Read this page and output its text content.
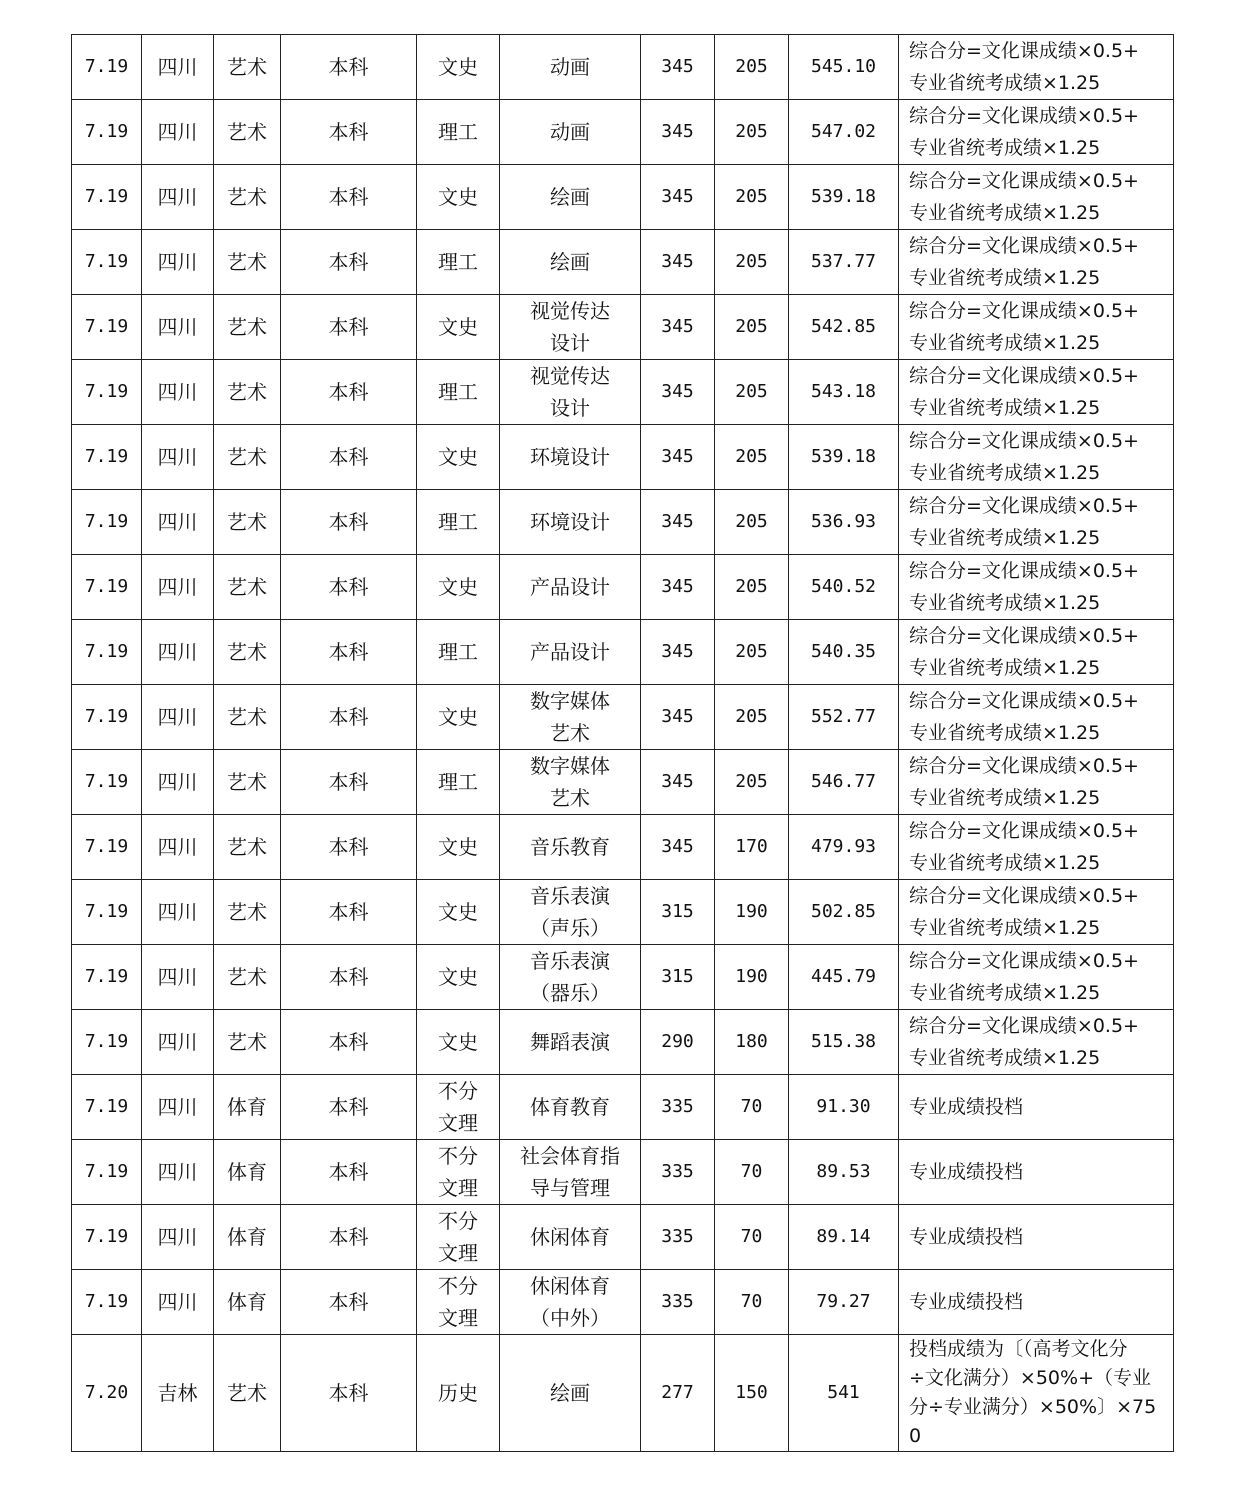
7.19	四川	艺术	本科	文史	动画	345	205	545.10	综合分=文化课成绩×0.5+
专业省统考成绩×1.25

7.19	四川	艺术	本科	理工	动画	345	205	547.02	综合分=文化课成绩×0.5+
专业省统考成绩×1.25

7.19	四川	艺术	本科	文史	绘画	345	205	539.18	综合分=文化课成绩×0.5+
专业省统考成绩×1.25

7.19	四川	艺术	本科	理工	绘画	345	205	537.77	综合分=文化课成绩×0.5+
专业省统考成绩×1.25

7.19	四川	艺术	本科	文史	视觉传达
设计	345	205	542.85	综合分=文化课成绩×0.5+
专业省统考成绩×1.25

7.19	四川	艺术	本科	理工	视觉传达
设计	345	205	543.18	综合分=文化课成绩×0.5+
专业省统考成绩×1.25

7.19	四川	艺术	本科	文史	环境设计	345	205	539.18	综合分=文化课成绩×0.5+
专业省统考成绩×1.25

7.19	四川	艺术	本科	理工	环境设计	345	205	536.93	综合分=文化课成绩×0.5+
专业省统考成绩×1.25

7.19	四川	艺术	本科	文史	产品设计	345	205	540.52	综合分=文化课成绩×0.5+
专业省统考成绩×1.25

7.19	四川	艺术	本科	理工	产品设计	345	205	540.35	综合分=文化课成绩×0.5+
专业省统考成绩×1.25

7.19	四川	艺术	本科	文史	数字媒体
艺术	345	205	552.77	综合分=文化课成绩×0.5+
专业省统考成绩×1.25

7.19	四川	艺术	本科	理工	数字媒体
艺术	345	205	546.77	综合分=文化课成绩×0.5+
专业省统考成绩×1.25

7.19	四川	艺术	本科	文史	音乐教育	345	170	479.93	综合分=文化课成绩×0.5+
专业省统考成绩×1.25

7.19	四川	艺术	本科	文史	音乐表演
（声乐）	315	190	502.85	综合分=文化课成绩×0.5+
专业省统考成绩×1.25

7.19	四川	艺术	本科	文史	音乐表演
（器乐）	315	190	445.79	综合分=文化课成绩×0.5+
专业省统考成绩×1.25

7.19	四川	艺术	本科	文史	舞蹈表演	290	180	515.38	综合分=文化课成绩×0.5+
专业省统考成绩×1.25

7.19	四川	体育	本科	不分
文理	体育教育	335	70	91.30	专业成绩投档

7.19	四川	体育	本科	不分
文理	社会体育指
导与管理	335	70	89.53	专业成绩投档

7.19	四川	体育	本科	不分
文理	休闲体育	335	70	89.14	专业成绩投档

7.19	四川	体育	本科	不分
文理	休闲体育
（中外）	335	70	79.27	专业成绩投档

7.20	吉林	艺术	本科	历史	绘画	277	150	541	投档成绩为〔（高考文化分
÷文化满分）×50%+（专业
分÷专业满分）×50%〕×750
